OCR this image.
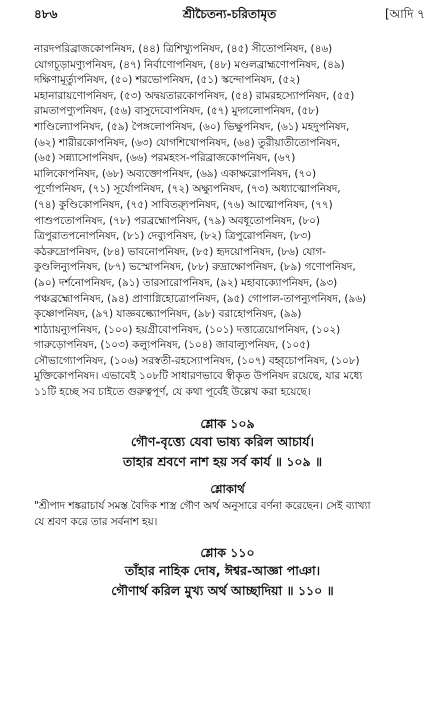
৪৮৬	শ্রীচৈতন্য-চরিতামৃত	[আদি ৭
নারদপরিব্রাজকোপনিষদ, (৪৪) ত্রিশিখ্যুপনিষদ, (৪৫) সীতোপনিষদ, (৪৬)
যোগচূড়ামণ্যুপনিষদ, (৪৭) নির্বাণোপনিষদ, (৪৮) মণ্ডলব্রাহ্মণোপনিষদ, (৪৯)
দক্ষিণামূর্ত্যুপনিষদ, (৫০) শরভোপনিষদ, (৫১) স্কন্দোপনিষদ, (৫২)
মহানারায়ণোপনিষদ, (৫৩) অদ্বয়তারকোপনিষদ, (৫৪) রামরহস্যোপনিষদ, (৫৫)
রামতাপণ্যুপনিষদ, (৫৬) বাসুদেবোপনিষদ, (৫৭) মুদ্গলোপনিষদ, (৫৮)
শাণ্ডিল্যোপনিষদ, (৫৯) পৈঙ্গলোপনিষদ, (৬০) ভিক্ষুপনিষদ, (৬১) মহদুপনিষদ,
(৬২) শারীরকোপনিষদ, (৬৩) যোগশিখোপনিষদ, (৬৪) তুরীয়াতীতোপনিষদ,
(৬৫) সন্ন্যাসোপনিষদ, (৬৬) পরমহংস-পরিব্রাজকোপনিষদ, (৬৭)
মালিকোপনিষদ, (৬৮) অব্যক্তোপনিষদ, (৬৯) একাক্ষরোপনিষদ, (৭০)
পূর্ণোপনিষদ, (৭১) সূর্যোপনিষদ, (৭২) অক্ষ্যুপনিষদ, (৭৩) অধ্যাত্মোপনিষদ,
(৭৪) কুণ্ডিকোপনিষদ, (৭৫) সাবিত্র্যুপনিষদ, (৭৬) আত্মোপনিষদ, (৭৭)
পাশুপতোপনিষদ, (৭৮) পরব্রহ্মোপনিষদ, (৭৯) অবধূতোপনিষদ, (৮০)
ত্রিপুরাতপনোপনিষদ, (৮১) দেব্যুপনিষদ, (৮২) ত্রিপুরোপনিষদ, (৮৩)
কঠরুদ্রোপনিষদ, (৮৪) ভাবনোপনিষদ, (৮৫) হৃদয়োপনিষদ, (৮৬) যোগ-
কুণ্ডলিন্যুপনিষদ, (৮৭) ভস্মোপনিষদ, (৮৮) রুদ্রাক্ষোপনিষদ, (৮৯) গণোপনিষদ,
(৯০) দর্শনোপনিষদ, (৯১) তারসারোপনিষদ, (৯২) মহাবাক্যোপনিষদ, (৯৩)
পঞ্চব্রহ্মোপনিষদ, (৯৪) প্রাণাগ্নিহোত্রোপনিষদ, (৯৫) গোপাল-তাপন্যুপনিষদ, (৯৬)
কৃষ্ণোপনিষদ, (৯৭) যাজ্ঞবল্ক্যোপনিষদ, (৯৮) বরাহোপনিষদ, (৯৯)
শাঠ্যায়ন্যুপনিষদ, (১০০) হয়গ্রীবোপনিষদ, (১০১) দত্তাত্রেয়োপনিষদ, (১০২)
গারুড়োপনিষদ, (১০৩) কল্যুপনিষদ, (১০৪) জাবাল্যুপনিষদ, (১০৫)
সৌভাগ্যোপনিষদ, (১০৬) সরস্বতী-রহস্যোপনিষদ, (১০৭) বহ্বৃচোপনিষদ, (১০৮)
মুক্তিকোপনিষদ। এভাবেই ১০৮টি সাধারণভাবে স্বীকৃত উপনিষদ রয়েছে, যার মধ্যে
১১টি হচ্ছে সব চাইতে গুরুত্বপূর্ণ, যে কথা পূর্বেই উল্লেখ করা হয়েছে।
শ্লোক ১০৯
গৌণ-বৃত্ত্যে যেবা ভাষ্য করিল আচার্য।
তাহার শ্রবণে নাশ হয় সর্ব কার্য ॥ ১০৯ ॥
শ্লোকার্থ
"শ্রীপাদ শঙ্করাচার্য সমস্ত বৈদিক শাস্ত্র গৌণ অর্থ অনুসারে বর্ণনা করেছেন। সেই ব্যাখ্যা
যে শ্রবণ করে তার সর্বনাশ হয়।
শ্লোক ১১০
তাঁহার নাহিক দোষ, ঈশ্বর-আজ্ঞা পাঞা।
গৌণার্থ করিল মুখ্য অর্থ আচ্ছাদিয়া ॥ ১১০ ॥
